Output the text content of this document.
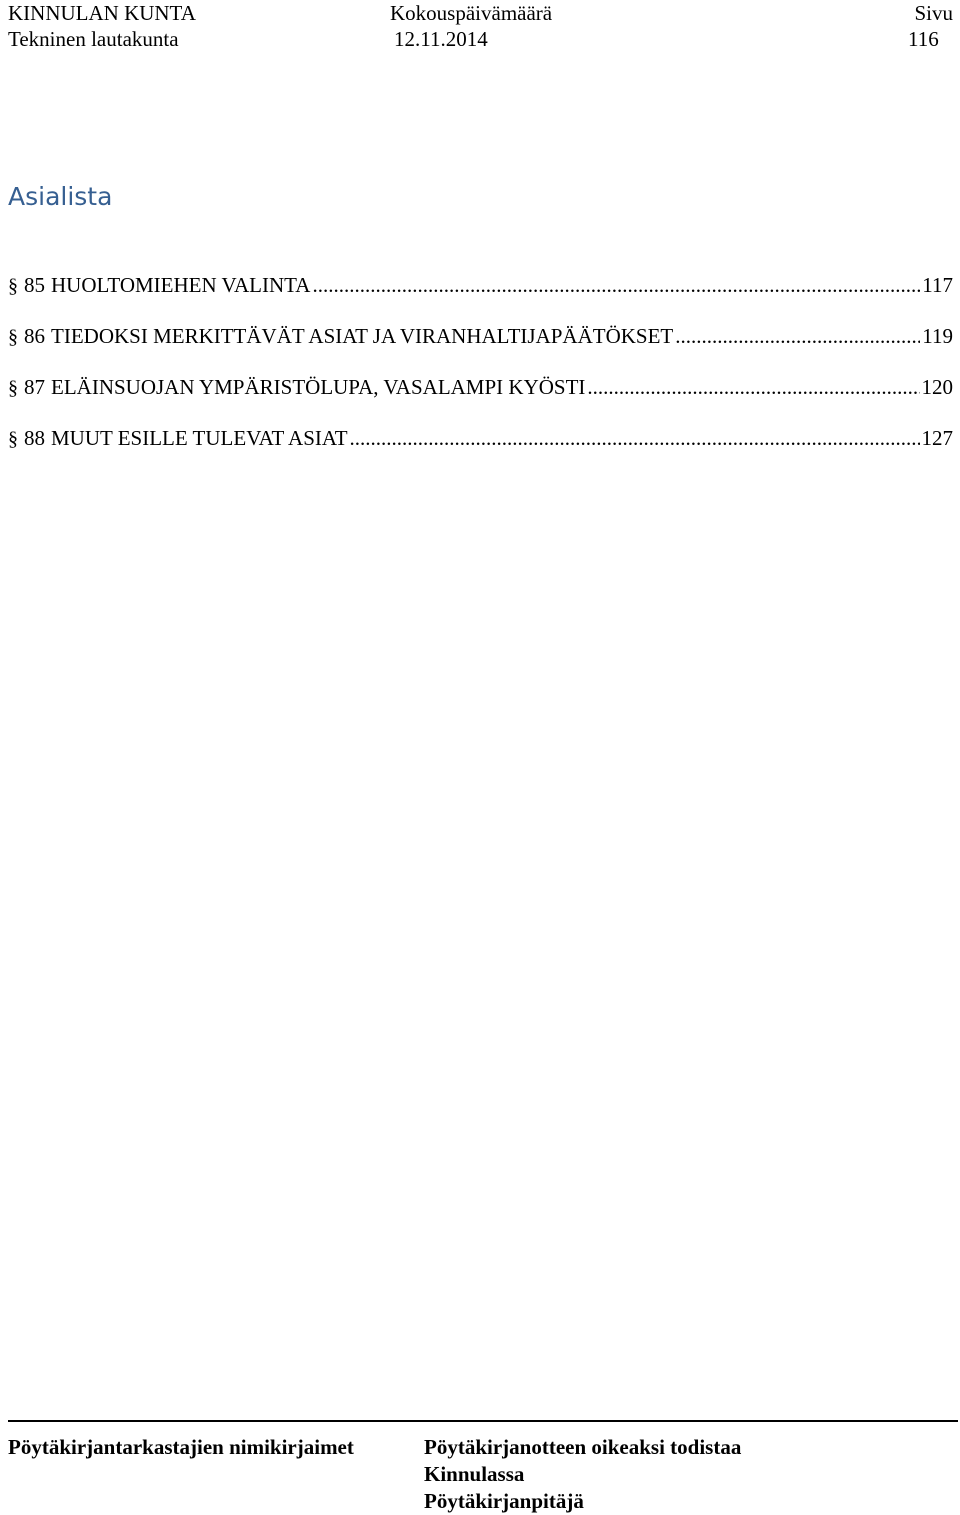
KINNULAN KUNTA
Tekninen lautakunta
Kokouspäivämäärä
12.11.2014
Sivu
116
Asialista
§ 85 HUOLTOMIEHEN VALINTA .....	117
§ 86 TIEDOKSI MERKITTÄVÄT ASIAT JA VIRANHALTIJAPÄÄTÖKSET .....	119
§ 87 ELÄINSUOJAN YMPÄRISTÖLUPA, VASALAMPI KYÖSTI .....	120
§ 88 MUUT ESILLE TULEVAT ASIAT .....	127
Pöytäkirjantarkastajien nimikirjaimet	Pöytäkirjanotteen oikeaksi todistaa
Kinnulassa
Pöytäkirjanpitäjä
